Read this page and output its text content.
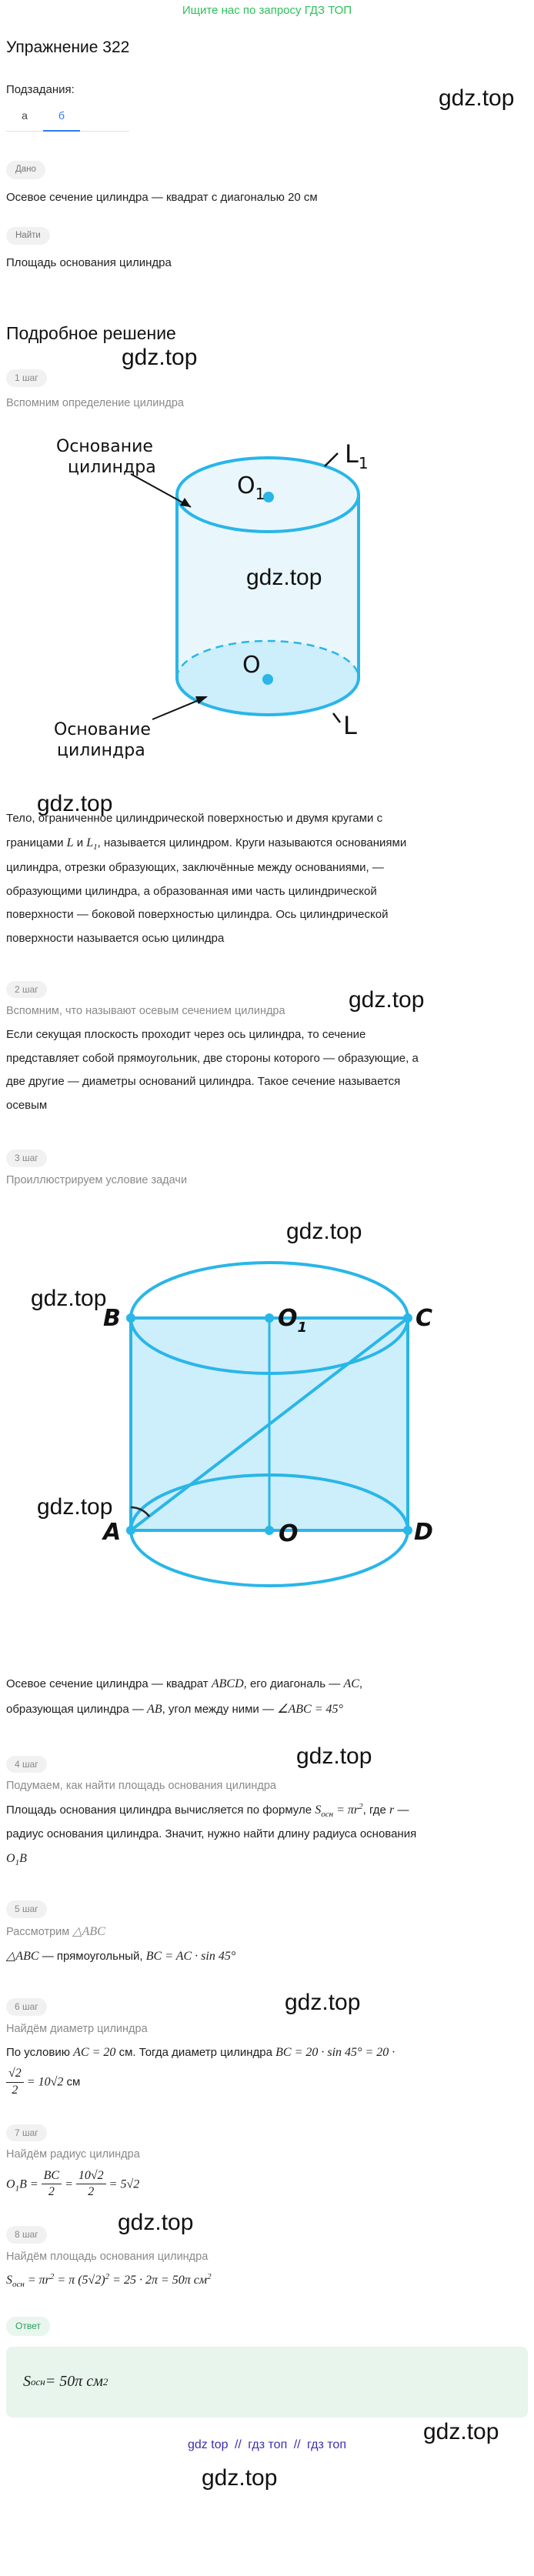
Ищите нас по запросу ГДЗ ТОП
gdz.top
gdz.top
gdz.top
gdz.top
gdz.top
gdz.top
gdz.top
gdz.top
gdz.top
gdz.top
gdz.top
gdz.top
gdz.top
Упражнение 322
Подзадания:
а	б
Дано
Осевое сечение цилиндра — квадрат с диагональю 20 см
Найти
Площадь основания цилиндра
Подробное решение
1 шаг
Вспомним определение цилиндра
$O_1$
O
$L_1$
L
Основание
цилиндра
Основание
цилиндра
Тело, ограниченное цилиндрической поверхностью и двумя кругами с
границами L и $L_1$, называется цилиндром. Круги называются основаниями
цилиндра, отрезки образующих, заключённые между основаниями, —
образующими цилиндра, а образованная ими часть цилиндрической
поверхности — боковой поверхностью цилиндра. Ось цилиндрической
поверхности называется осью цилиндра
2 шаг
Вспомним, что называют осевым сечением цилиндра
Если секущая плоскость проходит через ось цилиндра, то сечение
представляет собой прямоугольник, две стороны которого — образующие, а
две другие — диаметры оснований цилиндра. Такое сечение называется
осевым
3 шаг
Проиллюстрируем условие задачи
B	C
A	D
$O_1$
O
Осевое сечение цилиндра — квадрат ABCD, его диагональ — AC,
образующая цилиндра — AB, угол между ними — ∠ABC = 45°
4 шаг
Подумаем, как найти площадь основания цилиндра
Площадь основания цилиндра вычисляется по формуле $S_{осн} = \pi r^2$, где r —
радиус основания цилиндра. Значит, нужно найти длину радиуса основания
$O_1B$
5 шаг
Рассмотрим △ABC
△ABC — прямоугольный, BC = AC · sin 45°
6 шаг
Найдём диаметр цилиндра
По условию AC = 20 см. Тогда диаметр цилиндра BC = 20 · sin 45° = 20 ·
$\frac{√2}{2} = 10√2$ см
7 шаг
Найдём радиус цилиндра
$O_1B = \frac{BC}{2} = \frac{10√2}{2} = 5√2$
8 шаг
Найдём площадь основания цилиндра
$S_{осн} = \pi r^2 = \pi$ $(5√2)^2 = 25 \cdot 2\pi = 50\pi$ $см^2$
Ответ
S осн = 50π см 2
gdz top // гдз топ // гдз топ
